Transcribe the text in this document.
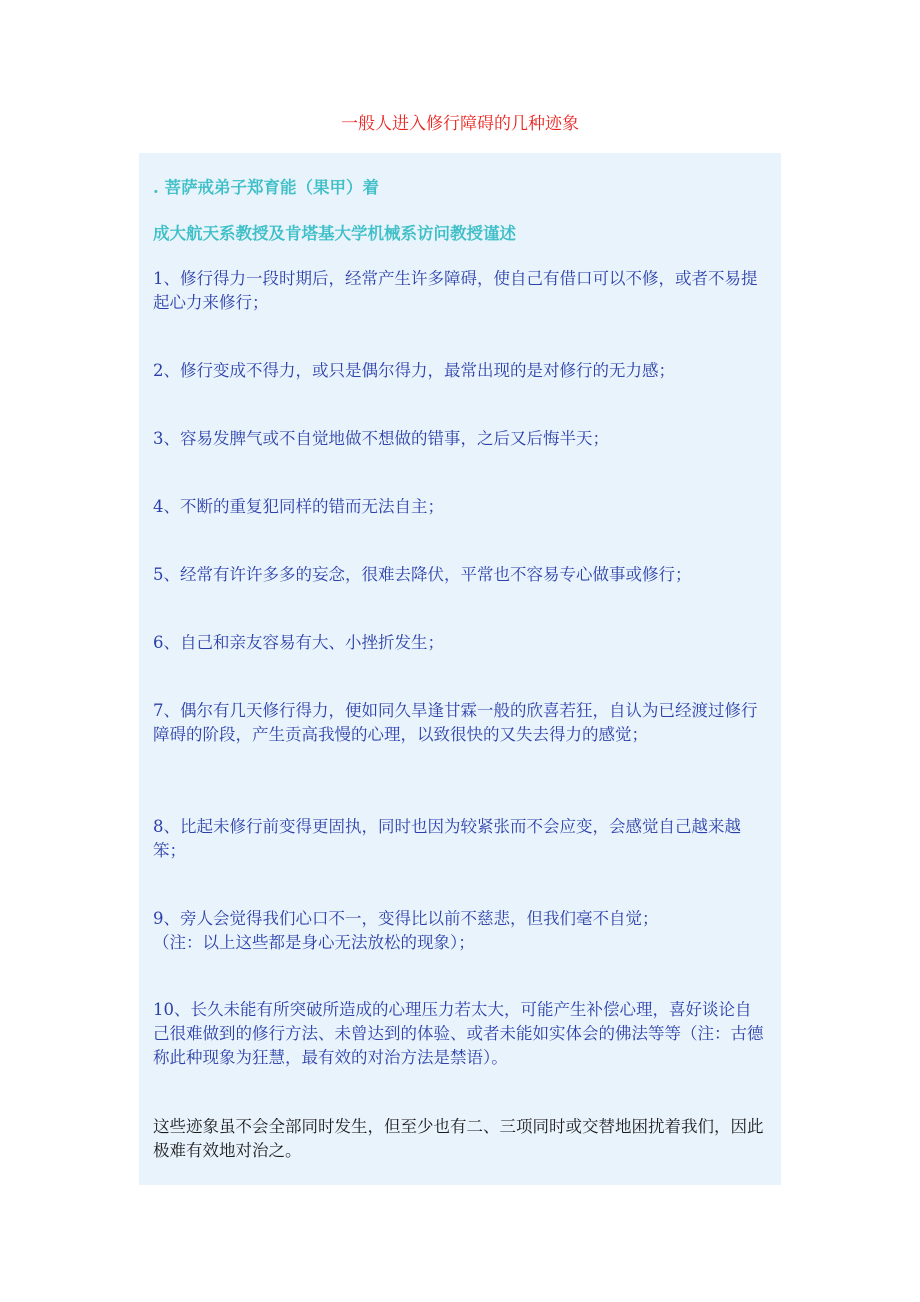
一般人进入修行障碍的几种迹象

. 菩萨戒弟子郑育能（果甲）着

成大航天系教授及肯塔基大学机械系访问教授谨述

1、修行得力一段时期后，经常产生许多障碍，使自己有借口可以不修，或者不易提起心力来修行；

2、修行变成不得力，或只是偶尔得力，最常出现的是对修行的无力感；

3、容易发脾气或不自觉地做不想做的错事，之后又后悔半天；

4、不断的重复犯同样的错而无法自主；

5、经常有许许多多的妄念，很难去降伏，平常也不容易专心做事或修行；

6、自己和亲友容易有大、小挫折发生；

7、偶尔有几天修行得力，便如同久旱逢甘霖一般的欣喜若狂，自认为已经渡过修行障碍的阶段，产生贡高我慢的心理，以致很快的又失去得力的感觉；

8、比起未修行前变得更固执，同时也因为较紧张而不会应变，会感觉自己越来越笨；

9、旁人会觉得我们心口不一，变得比以前不慈悲，但我们毫不自觉；
（注：以上这些都是身心无法放松的现象）；

10、长久未能有所突破所造成的心理压力若太大，可能产生补偿心理，喜好谈论自己很难做到的修行方法、未曾达到的体验、或者未能如实体会的佛法等等（注：古德称此种现象为狂慧，最有效的对治方法是禁语）。

这些迹象虽不会全部同时发生，但至少也有二、三项同时或交替地困扰着我们，因此极难有效地对治之。
